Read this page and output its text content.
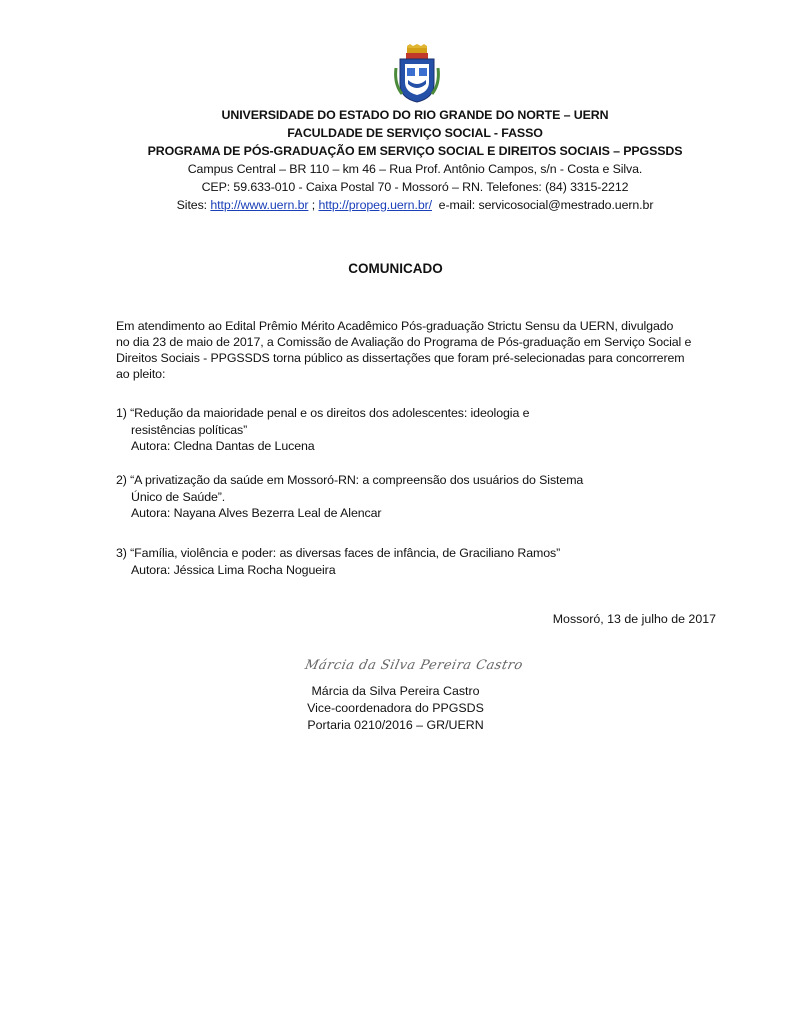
UNIVERSIDADE DO ESTADO DO RIO GRANDE DO NORTE – UERN
FACULDADE DE SERVIÇO SOCIAL - FASSO
PROGRAMA DE PÓS-GRADUAÇÃO EM SERVIÇO SOCIAL E DIREITOS SOCIAIS – PPGSSDS
Campus Central – BR 110 – km 46 – Rua Prof. Antônio Campos, s/n - Costa e Silva.
CEP: 59.633-010 - Caixa Postal 70 - Mossoró – RN. Telefones: (84) 3315-2212
Sites: http://www.uern.br ; http://propeg.uern.br/  e-mail: servicosocial@mestrado.uern.br
COMUNICADO
Em atendimento ao Edital Prêmio Mérito Acadêmico Pós-graduação Strictu Sensu da UERN, divulgado
no dia 23 de maio de 2017, a Comissão de Avaliação do Programa de Pós-graduação em Serviço Social e
Direitos Sociais - PPGSSDS torna público as dissertações que foram pré-selecionadas para concorrerem
ao pleito:
1) “Redução da maioridade penal e os direitos dos adolescentes: ideologia e
resistências políticas”
Autora: Cledna Dantas de Lucena
2) “A privatização da saúde em Mossoró-RN: a compreensão dos usuários do Sistema
Único de Saúde”.
Autora: Nayana Alves Bezerra Leal de Alencar
3) “Família, violência e poder: as diversas faces de infância, de Graciliano Ramos”
Autora: Jéssica Lima Rocha Nogueira
Mossoró, 13 de julho de 2017
Márcia da Silva Pereira Castro
Márcia da Silva Pereira Castro
Vice-coordenadora do PPGSDS
Portaria 0210/2016 – GR/UERN
